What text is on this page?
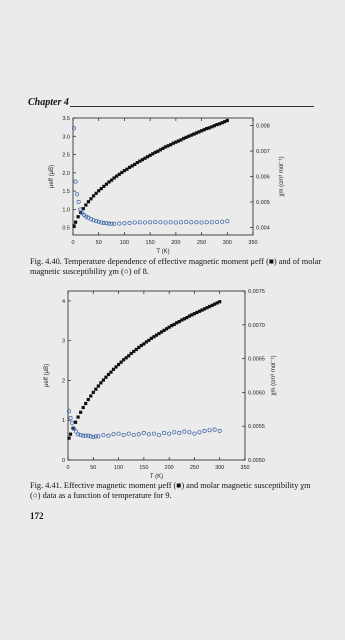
Chapter 4
0	50	100	150	200	250	300	350
0.5
1.0
1.5
2.0
2.5
3.0
3.5
0.004
0.005
0.006
0.007
0.008
T (K)
μeff (μB)	χm (cm³ mol⁻¹)
Fig. 4.40. Temperature dependence of effective magnetic moment μeff (■) and of molar magnetic susceptibility χm (○) of 8.
0	50	100	150	200	250	300	350
0
1
2
3
4
0.0050
0.0055
0.0060
0.0065
0.0070
0.0075
T (K)
μeff (μB)	χm (cm³ mol⁻¹)
Fig. 4.41. Effective magnetic moment μeff (■) and molar magnetic susceptibility χm (○) data as a function of temperature for 9.
172
